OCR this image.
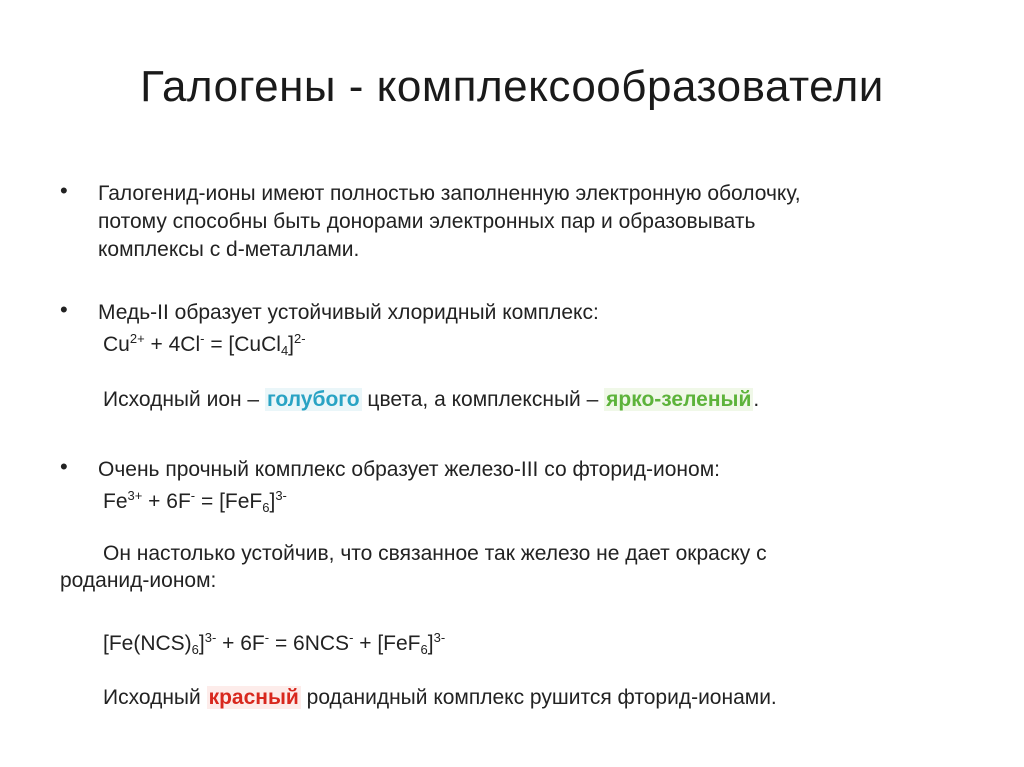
Галогены - комплексообразователи
• Галогенид-ионы имеют полностью заполненную электронную оболочку,
потому способны быть донорами электронных пар и образовывать
комплексы с d-металлами.
• Медь-II образует устойчивый хлоридный комплекс:
$Cu^{2+} + 4Cl^-$ = [CuCl$_4$]$^{2-}$
Исходный ион – голубого цвета, а комплексный – ярко-зеленый.
• Очень прочный комплекс образует железо-III со фторид-ионом:
$Fe^{3+} + 6F^- = [FeF_6]^{3-}$
Он настолько устойчив, что связанное так железо не дает окраску с
роданид-ионом:
$[Fe(NCS)_6]^{3-} + 6F^- = 6NCS^- + [FeF_6]^{3-}$
Исходный красный роданидный комплекс рушится фторид-ионами.
